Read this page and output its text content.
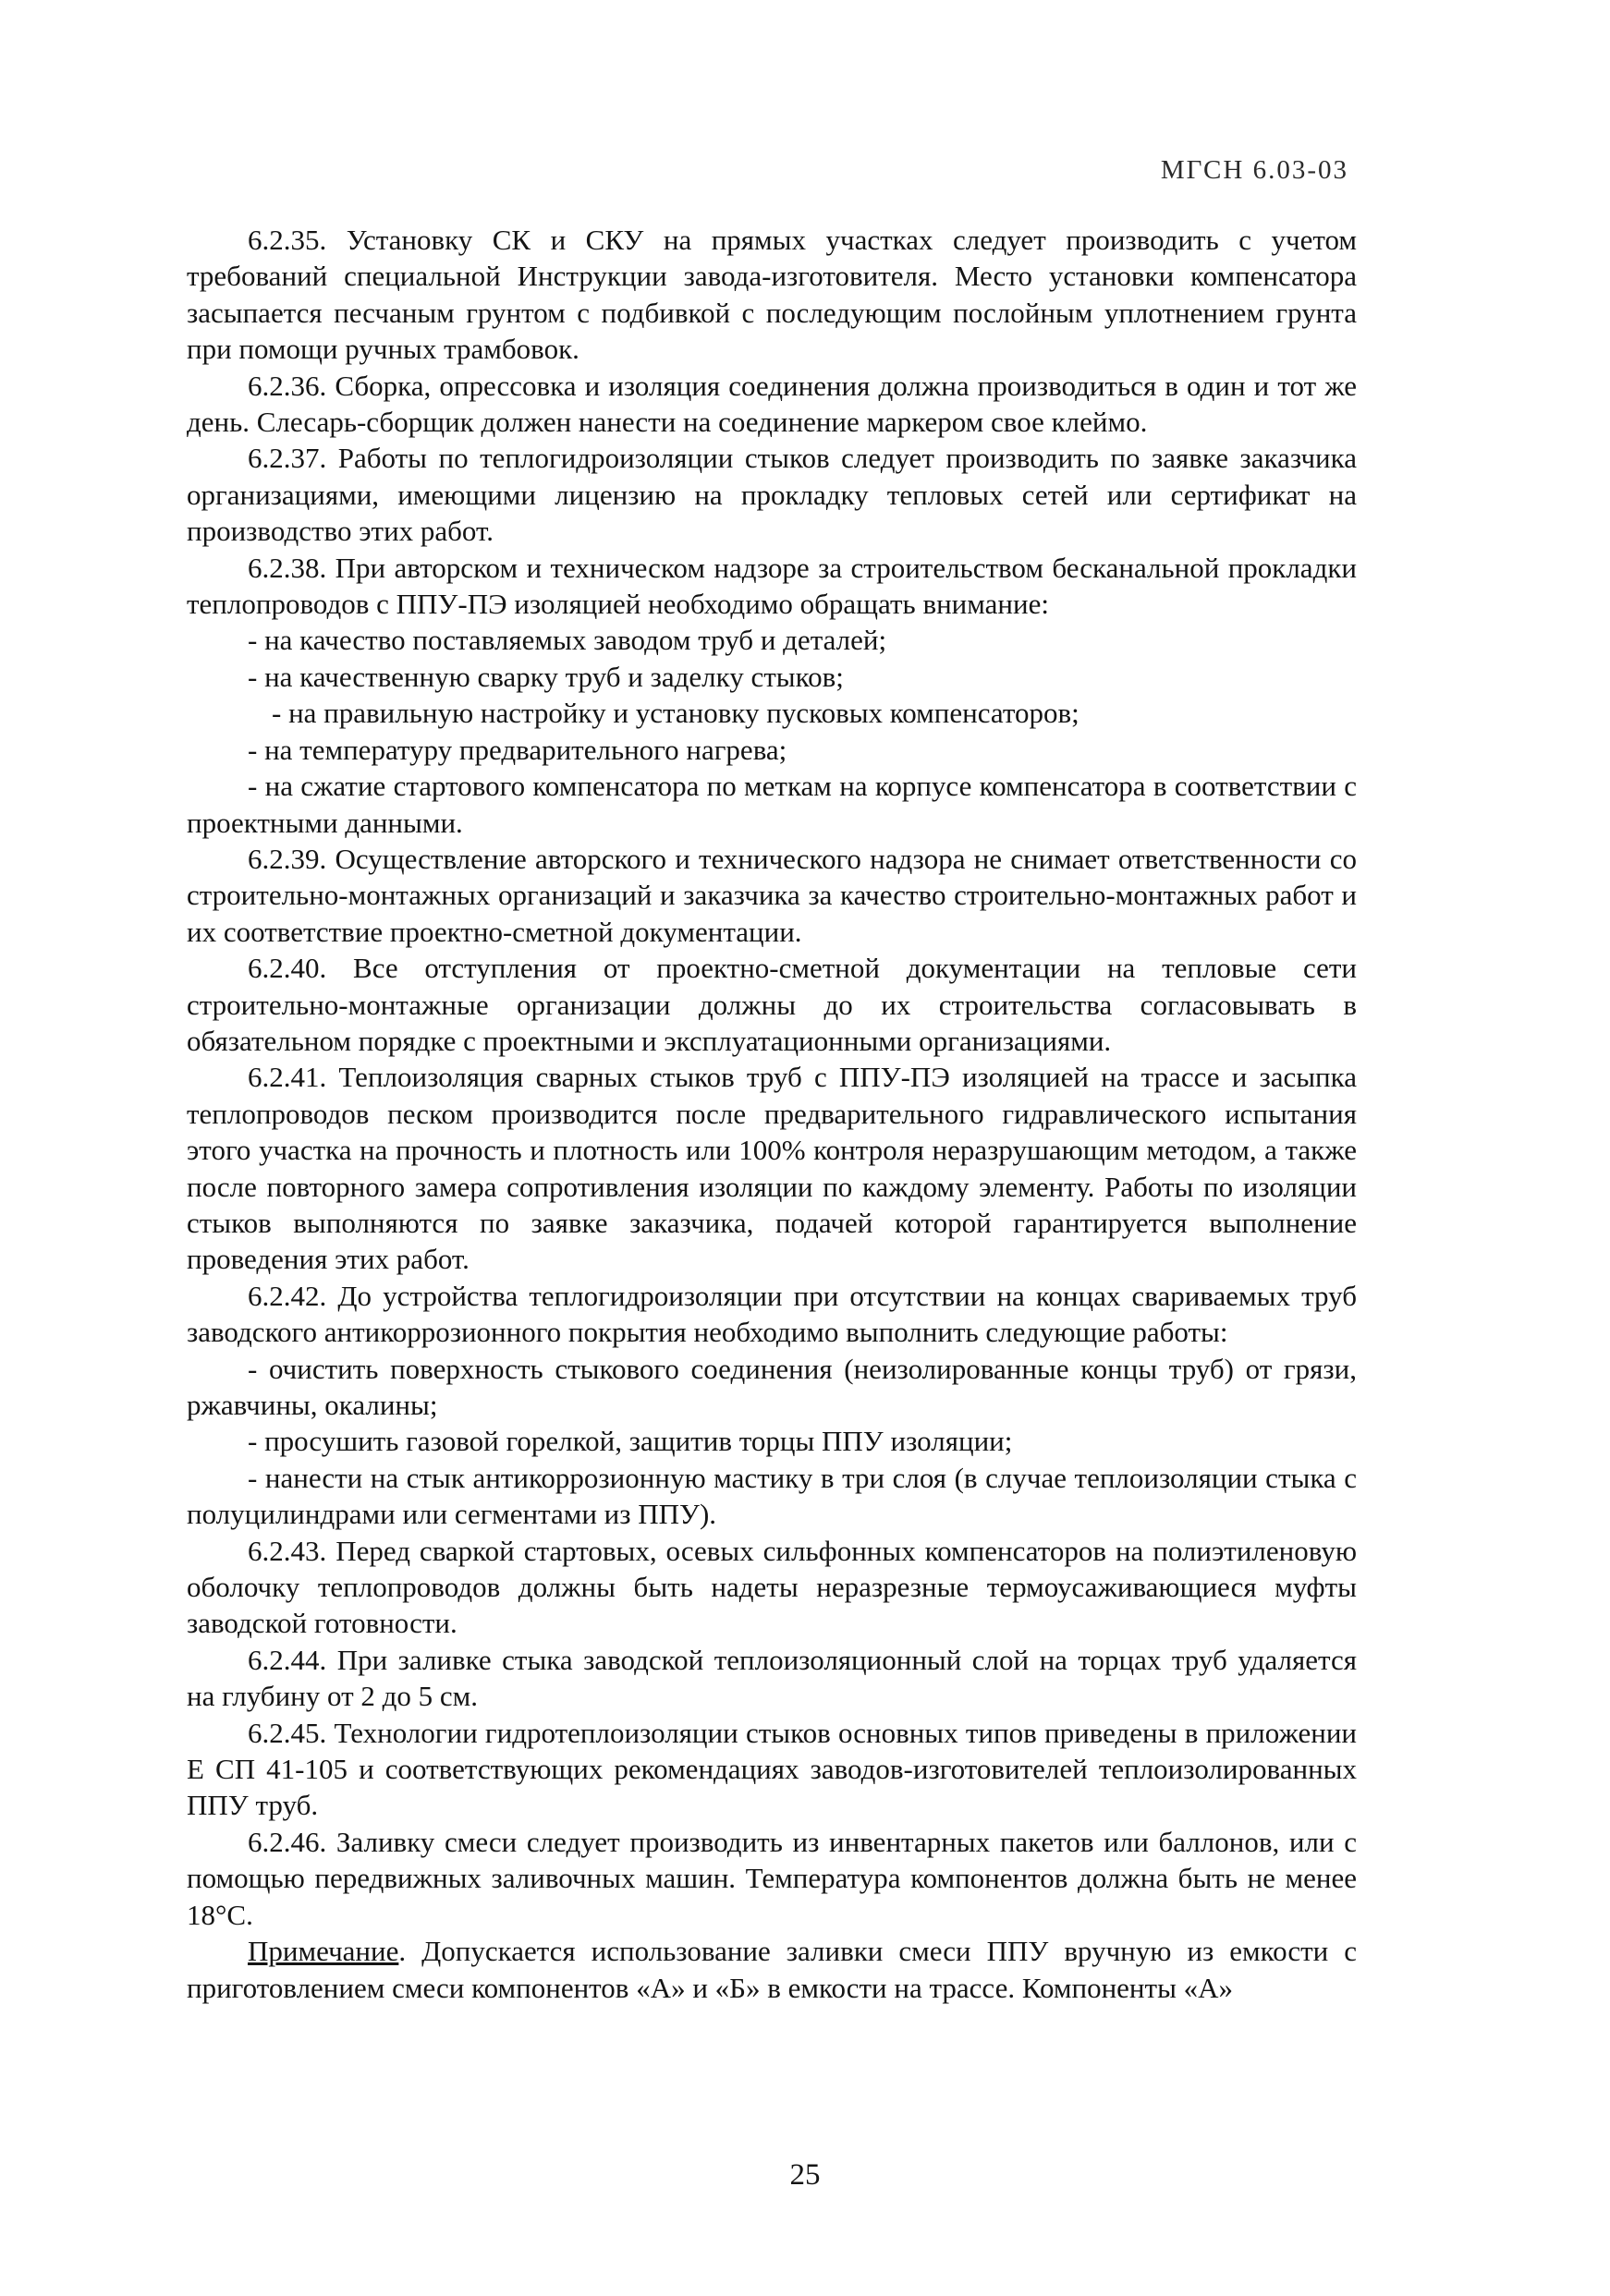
МГСН 6.03-03

6.2.35. Установку СК и СКУ на прямых участках следует производить с учетом требований специальной Инструкции завода-изготовителя. Место установки компенсатора засыпается песчаным грунтом с подбивкой с последующим послойным уплотнением грунта при помощи ручных трамбовок.

6.2.36. Сборка, опрессовка и изоляция соединения должна производиться в один и тот же день. Слесарь-сборщик должен нанести на соединение маркером свое клеймо.

6.2.37. Работы по теплогидроизоляции стыков следует производить по заявке заказчика организациями, имеющими лицензию на прокладку тепловых сетей или сертификат на производство этих работ.

6.2.38. При авторском и техническом надзоре за строительством бесканальной прокладки теплопроводов с ППУ-ПЭ изоляцией необходимо обращать внимание:

- на качество поставляемых заводом труб и деталей;

- на качественную сварку труб и заделку стыков;

- на правильную настройку и установку пусковых компенсаторов;

- на температуру предварительного нагрева;

- на сжатие стартового компенсатора по меткам на корпусе компенсатора в соответствии с проектными данными.

6.2.39. Осуществление авторского и технического надзора не снимает ответственности со строительно-монтажных организаций и заказчика за качество строительно-монтажных работ и их соответствие проектно-сметной документации.

6.2.40. Все отступления от проектно-сметной документации на тепловые сети строительно-монтажные организации должны до их строительства согласовывать в обязательном порядке с проектными и эксплуатационными организациями.

6.2.41. Теплоизоляция сварных стыков труб с ППУ-ПЭ изоляцией на трассе и засыпка теплопроводов песком производится после предварительного гидравлического испытания этого участка на прочность и плотность или 100% контроля неразрушающим методом, а также после повторного замера сопротивления изоляции по каждому элементу. Работы по изоляции стыков выполняются по заявке заказчика, подачей которой гарантируется выполнение проведения этих работ.

6.2.42. До устройства теплогидроизоляции при отсутствии на концах свариваемых труб заводского антикоррозионного покрытия необходимо выполнить следующие работы:

- очистить поверхность стыкового соединения (неизолированные концы труб) от грязи, ржавчины, окалины;

- просушить газовой горелкой, защитив торцы ППУ изоляции;

- нанести на стык антикоррозионную мастику в три слоя (в случае теплоизоляции стыка с полуцилиндрами или сегментами из ППУ).

6.2.43. Перед сваркой стартовых, осевых сильфонных компенсаторов на полиэтиленовую оболочку теплопроводов должны быть надеты неразрезные термоусаживающиеся муфты заводской готовности.

6.2.44. При заливке стыка заводской теплоизоляционный слой на торцах труб удаляется на глубину от 2 до 5 см.

6.2.45. Технологии гидротеплоизоляции стыков основных типов приведены в приложении Е СП 41-105 и соответствующих рекомендациях заводов-изготовителей теплоизолированных ППУ труб.

6.2.46. Заливку смеси следует производить из инвентарных пакетов или баллонов, или с помощью передвижных заливочных машин. Температура компонентов должна быть не менее 18°С.

Примечание. Допускается использование заливки смеси ППУ вручную из емкости с приготовлением смеси компонентов «А» и «Б» в емкости на трассе. Компоненты «А»

25
